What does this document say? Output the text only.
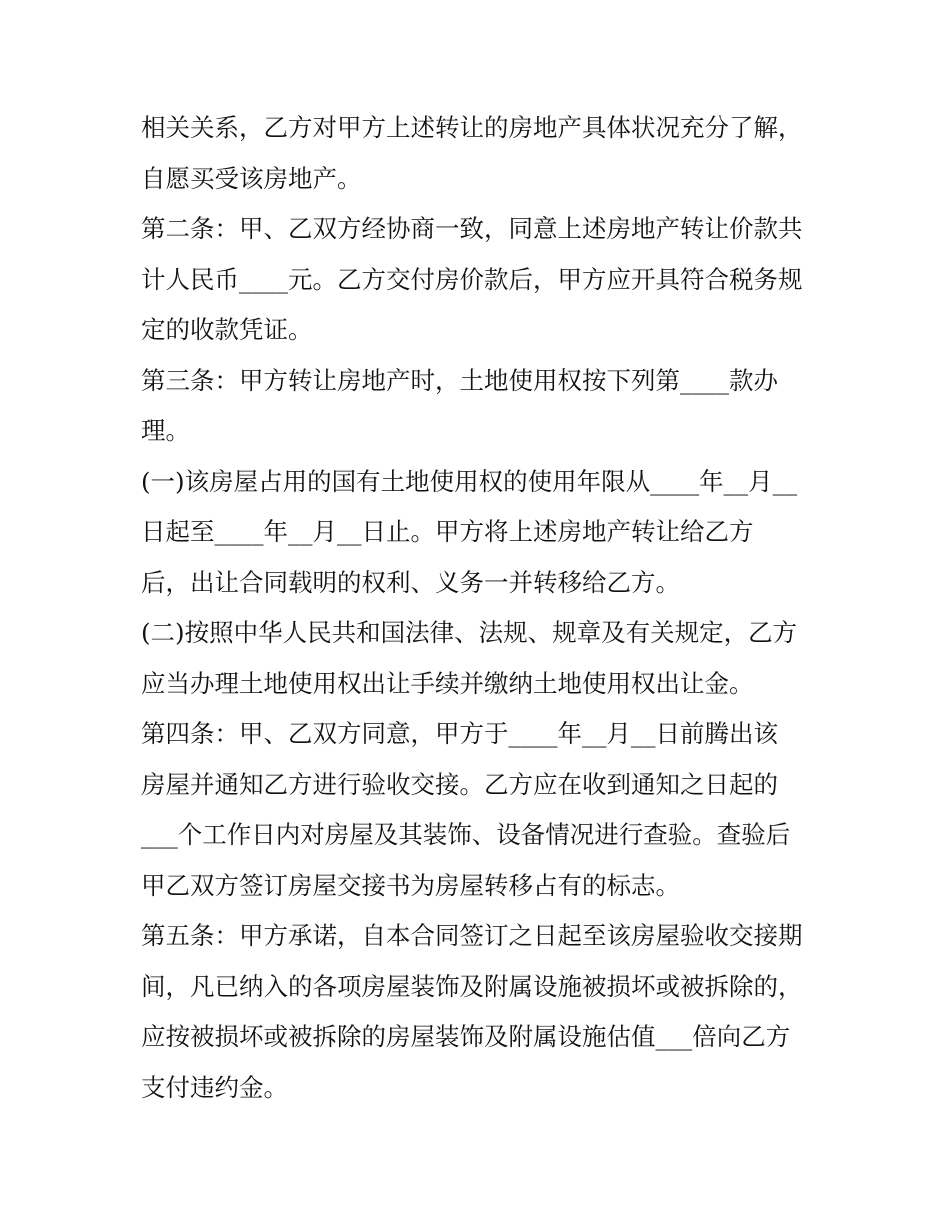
相关关系，乙方对甲方上述转让的房地产具体状况充分了解，
自愿买受该房地产。
第二条：甲、乙双方经协商一致，同意上述房地产转让价款共
计人民币____元。乙方交付房价款后，甲方应开具符合税务规
定的收款凭证。
第三条：甲方转让房地产时，土地使用权按下列第____款办
理。
(一)该房屋占用的国有土地使用权的使用年限从____年__月__
日起至____年__月__日止。甲方将上述房地产转让给乙方
后，出让合同载明的权利、义务一并转移给乙方。
(二)按照中华人民共和国法律、法规、规章及有关规定，乙方
应当办理土地使用权出让手续并缴纳土地使用权出让金。
第四条：甲、乙双方同意，甲方于____年__月__日前腾出该
房屋并通知乙方进行验收交接。乙方应在收到通知之日起的
___个工作日内对房屋及其装饰、设备情况进行查验。查验后
甲乙双方签订房屋交接书为房屋转移占有的标志。
第五条：甲方承诺，自本合同签订之日起至该房屋验收交接期
间，凡已纳入的各项房屋装饰及附属设施被损坏或被拆除的，
应按被损坏或被拆除的房屋装饰及附属设施估值___倍向乙方
支付违约金。
